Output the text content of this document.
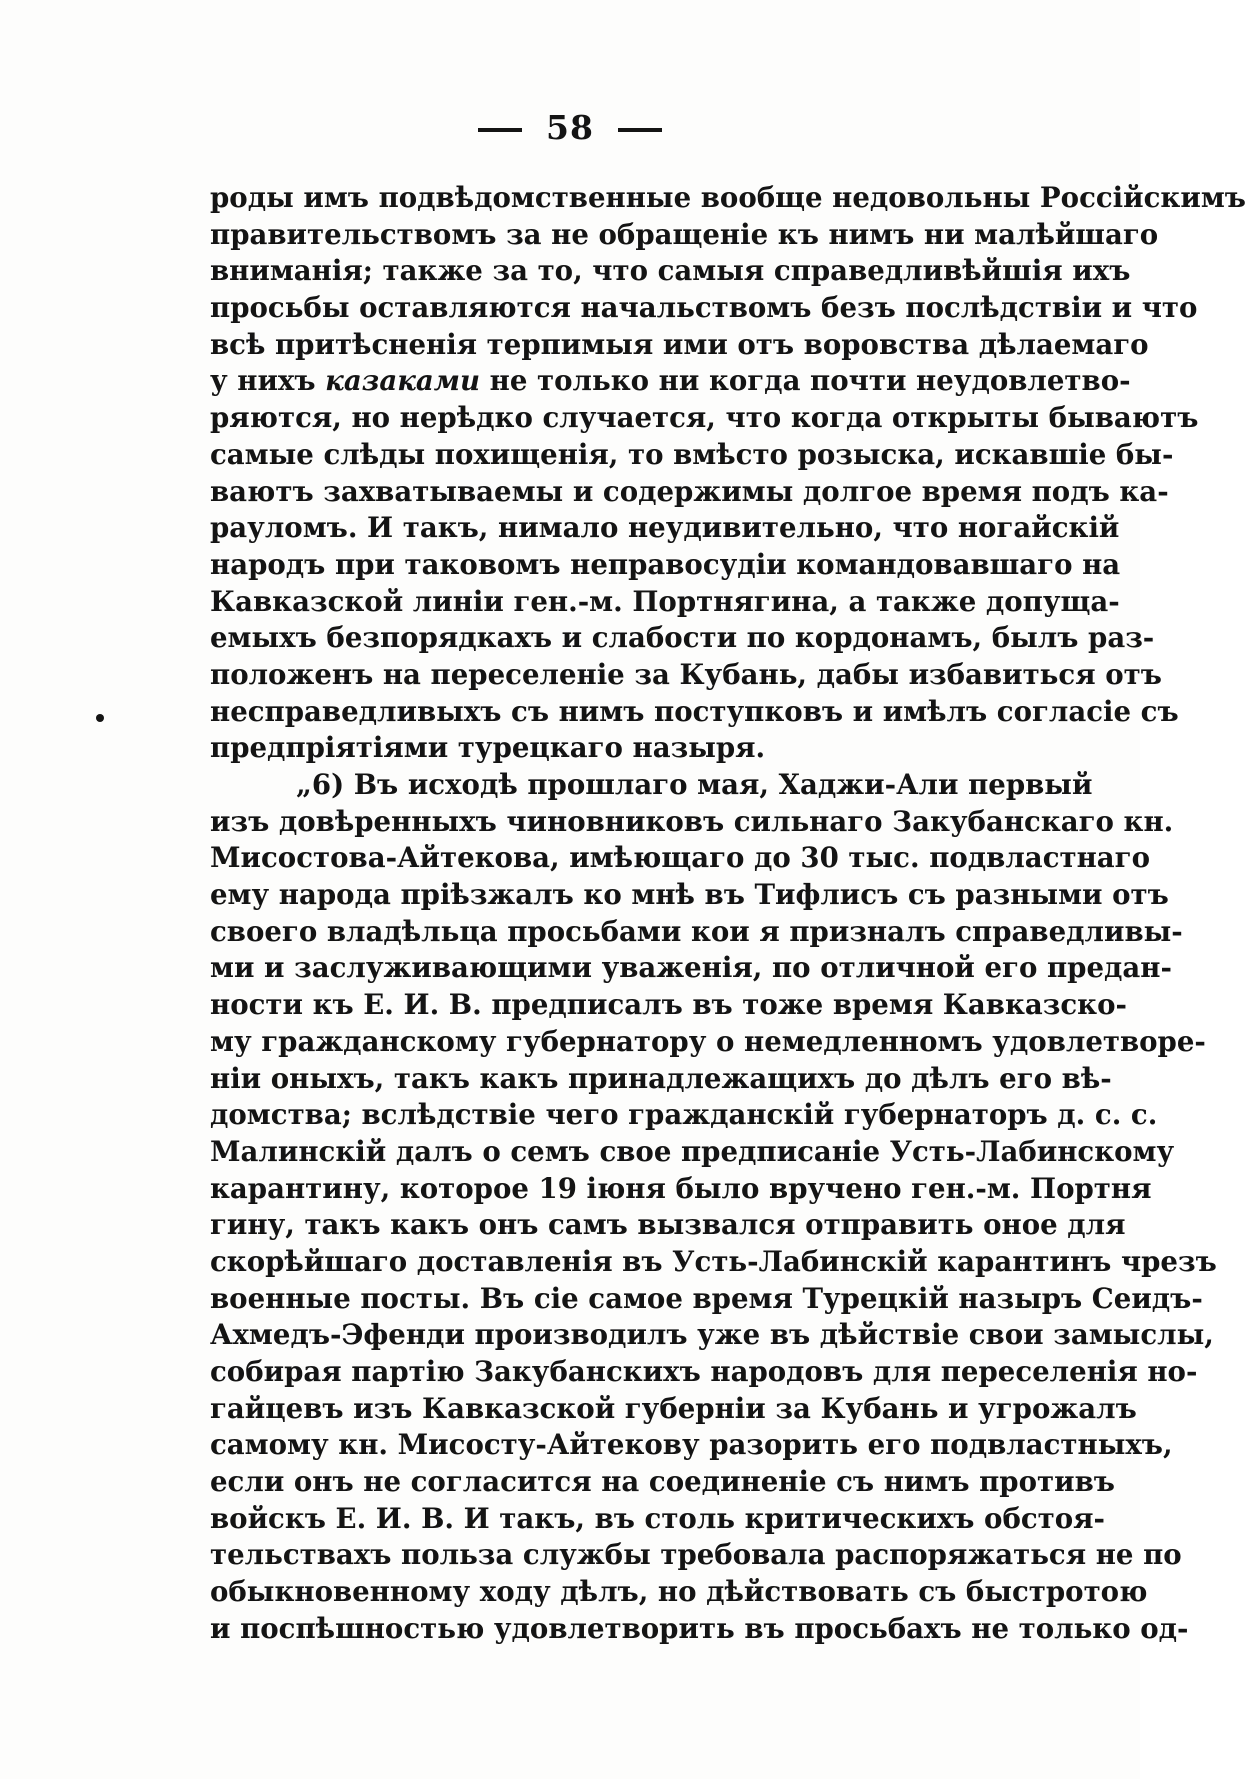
58
роды имъ подвѣдомственные вообще недовольны Россійскимъ
правительствомъ за не обращеніе къ нимъ ни малѣйшаго
вниманія; также за то, что самыя справедливѣйшія ихъ
просьбы оставляются начальствомъ безъ послѣдствіи и что
всѣ притѣсненія терпимыя ими отъ воровства дѣлаемаго
у нихъ казаками не только ни когда почти неудовлетво-
ряются, но нерѣдко случается, что когда открыты бываютъ
самые слѣды похищенія, то вмѣсто розыска, искавшіе бы-
ваютъ захватываемы и содержимы долгое время подъ ка-
рауломъ. И такъ, нимало неудивительно, что ногайскій
народъ при таковомъ неправосудіи командовавшаго на
Кавказской линіи ген.-м. Портнягина, а также допуща-
емыхъ безпорядкахъ и слабости по кордонамъ, былъ раз-
положенъ на переселеніе за Кубань, дабы избавиться отъ
несправедливыхъ съ нимъ поступковъ и имѣлъ согласіе съ
предпріятіями турецкаго назыря.
„6) Въ исходѣ прошлаго мая, Хаджи-Али первый
изъ довѣренныхъ чиновниковъ сильнаго Закубанскаго кн.
Мисостова-Айтекова, имѣющаго до 30 тыс. подвластнаго
ему народа пріѣзжалъ ко мнѣ въ Тифлисъ съ разными отъ
своего владѣльца просьбами кои я призналъ справедливы-
ми и заслуживающими уваженія, по отличной его предан-
ности къ Е. И. В. предписалъ въ тоже время Кавказско-
му гражданскому губернатору о немедленномъ удовлетворе-
ніи оныхъ, такъ какъ принадлежащихъ до дѣлъ его вѣ-
домства; вслѣдствіе чего гражданскій губернаторъ д. с. с.
Малинскій далъ о семъ свое предписаніе Усть-Лабинскому
карантину, которое 19 іюня было вручено ген.-м. Портня
гину, такъ какъ онъ самъ вызвался отправить оное для
скорѣйшаго доставленія въ Усть-Лабинскій карантинъ чрезъ
военные посты. Въ сіе самое время Турецкій назыръ Сеидъ-
Ахмедъ-Эфенди производилъ уже въ дѣйствіе свои замыслы,
собирая партію Закубанскихъ народовъ для переселенія но-
гайцевъ изъ Кавказской губерніи за Кубань и угрожалъ
самому кн. Мисосту-Айтекову разорить его подвластныхъ,
если онъ не согласится на соединеніе съ нимъ противъ
войскъ Е. И. В. И такъ, въ столь критическихъ обстоя-
тельствахъ польза службы требовала распоряжаться не по
обыкновенному ходу дѣлъ, но дѣйствовать съ быстротою
и поспѣшностью удовлетворить въ просьбахъ не только од-
